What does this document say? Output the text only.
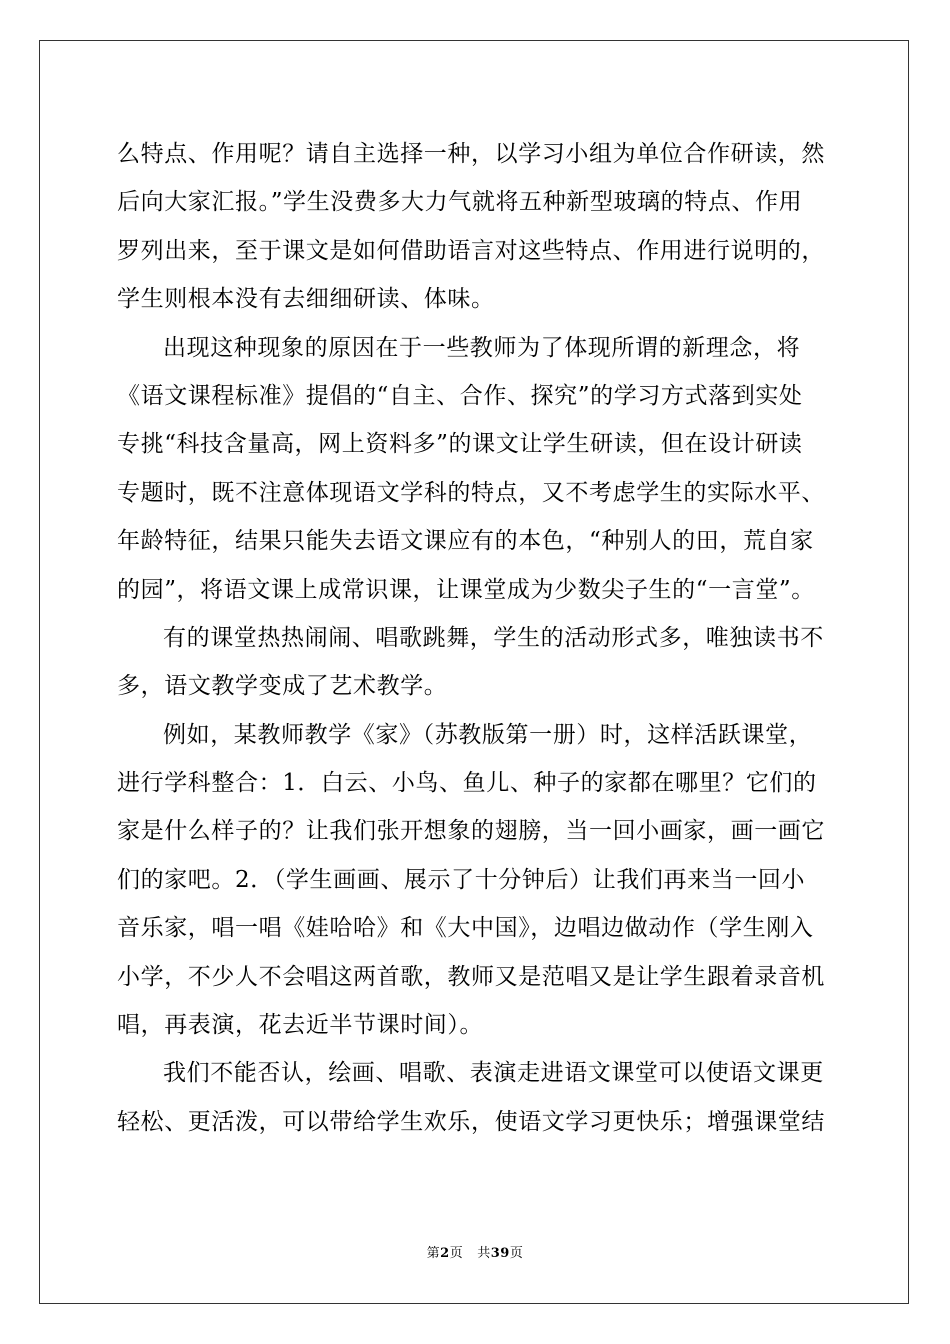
么特点、作用呢？请自主选择一种，以学习小组为单位合作研读，然
后向大家汇报。”学生没费多大力气就将五种新型玻璃的特点、作用
罗列出来，至于课文是如何借助语言对这些特点、作用进行说明的，
学生则根本没有去细细研读、体味。
出现这种现象的原因在于一些教师为了体现所谓的新理念，将
《语文课程标准》提倡的“自主、合作、探究”的学习方式落到实处
专挑“科技含量高，网上资料多”的课文让学生研读，但在设计研读
专题时，既不注意体现语文学科的特点，又不考虑学生的实际水平、
年龄特征，结果只能失去语文课应有的本色，“种别人的田，荒自家
的园”，将语文课上成常识课，让课堂成为少数尖子生的“一言堂”。
有的课堂热热闹闹、唱歌跳舞，学生的活动形式多，唯独读书不
多，语文教学变成了艺术教学。
例如，某教师教学《家》（苏教版第一册）时，这样活跃课堂，
进行学科整合：1．白云、小鸟、鱼儿、种子的家都在哪里？它们的
家是什么样子的？让我们张开想象的翅膀，当一回小画家，画一画它
们的家吧。2．（学生画画、展示了十分钟后）让我们再来当一回小
音乐家，唱一唱《娃哈哈》和《大中国》，边唱边做动作（学生刚入
小学，不少人不会唱这两首歌，教师又是范唱又是让学生跟着录音机
唱，再表演，花去近半节课时间）。
我们不能否认，绘画、唱歌、表演走进语文课堂可以使语文课更
轻松、更活泼，可以带给学生欢乐，使语文学习更快乐；增强课堂结
第2页 共39页
